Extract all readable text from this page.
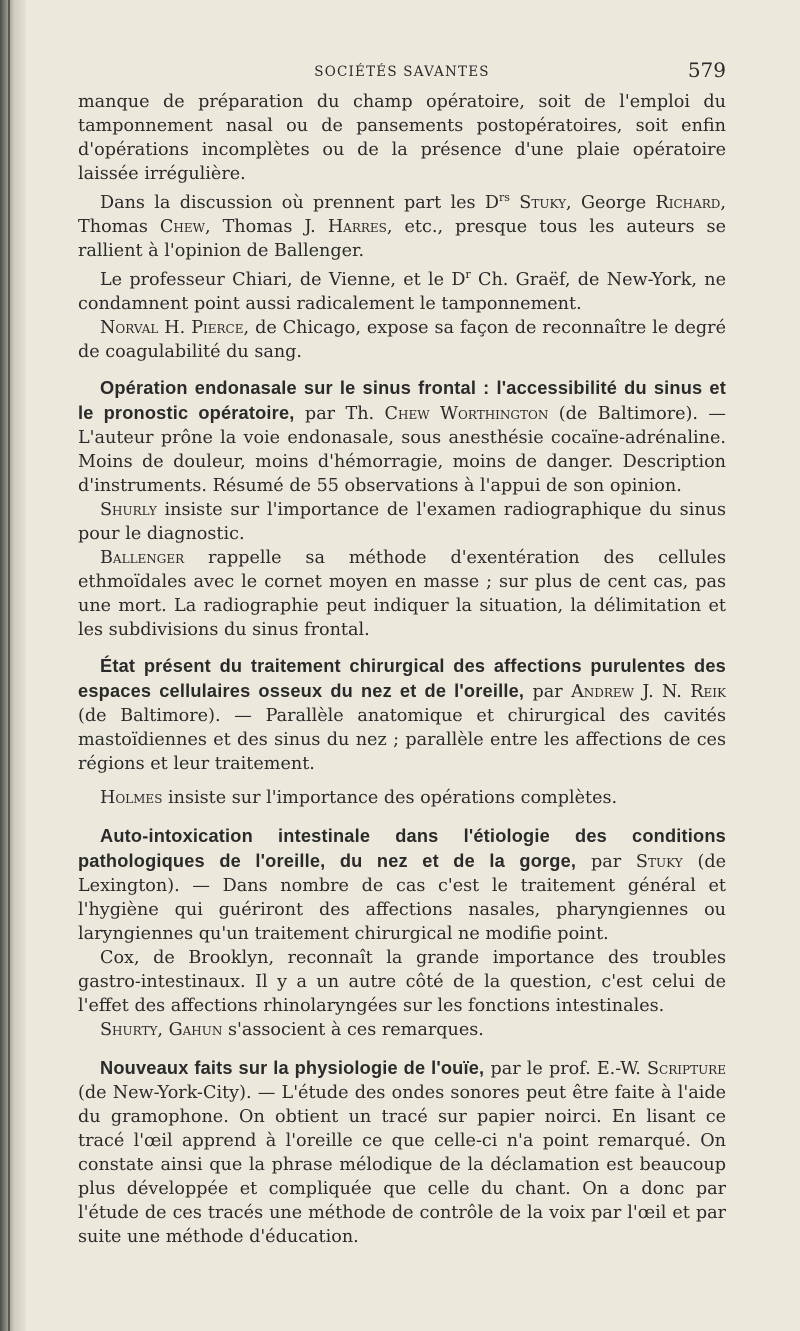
SOCIÉTÉS SAVANTES	579

manque de préparation du champ opératoire, soit de l'emploi du tamponnement nasal ou de pansements postopératoires, soit enfin d'opérations incomplètes ou de la présence d'une plaie opératoire laissée irrégulière.

Dans la discussion où prennent part les $D^{rs}$ Stuky, George Richard, Thomas Chew, Thomas J. Harres, etc., presque tous les auteurs se rallient à l'opinion de Ballenger.

Le professeur Chiari, de Vienne, et le $D^r$ Ch. Graëf, de New-York, ne condamnent point aussi radicalement le tamponnement.

Norval H. Pierce, de Chicago, expose sa façon de reconnaître le degré de coagulabilité du sang.

Opération endonasale sur le sinus frontal : l'accessibilité du sinus et le pronostic opératoire, par Th. Chew Worthington (de Baltimore). — L'auteur prône la voie endonasale, sous anesthésie cocaïne-adrénaline. Moins de douleur, moins d'hémorragie, moins de danger. Description d'instruments. Résumé de 55 observations à l'appui de son opinion.

Shurly insiste sur l'importance de l'examen radiographique du sinus pour le diagnostic.

Ballenger rappelle sa méthode d'exentération des cellules ethmoïdales avec le cornet moyen en masse ; sur plus de cent cas, pas une mort. La radiographie peut indiquer la situation, la délimitation et les subdivisions du sinus frontal.

État présent du traitement chirurgical des affections purulentes des espaces cellulaires osseux du nez et de l'oreille, par Andrew J. N. Reik (de Baltimore). — Parallèle anatomique et chirurgical des cavités mastoïdiennes et des sinus du nez ; parallèle entre les affections de ces régions et leur traitement.

Holmes insiste sur l'importance des opérations complètes.

Auto-intoxication intestinale dans l'étiologie des conditions pathologiques de l'oreille, du nez et de la gorge, par Stuky (de Lexington). — Dans nombre de cas c'est le traitement général et l'hygiène qui guériront des affections nasales, pharyngiennes ou laryngiennes qu'un traitement chirurgical ne modifie point.

Cox, de Brooklyn, reconnaît la grande importance des troubles gastro-intestinaux. Il y a un autre côté de la question, c'est celui de l'effet des affections rhinolaryngées sur les fonctions intestinales.

Shurty, Gahun s'associent à ces remarques.

Nouveaux faits sur la physiologie de l'ouïe, par le prof. E.-W. Scripture (de New-York-City). — L'étude des ondes sonores peut être faite à l'aide du gramophone. On obtient un tracé sur papier noirci. En lisant ce tracé l'œil apprend à l'oreille ce que celle-ci n'a point remarqué. On constate ainsi que la phrase mélodique de la déclamation est beaucoup plus développée et compliquée que celle du chant. On a donc par l'étude de ces tracés une méthode de contrôle de la voix par l'œil et par suite une méthode d'éducation.
